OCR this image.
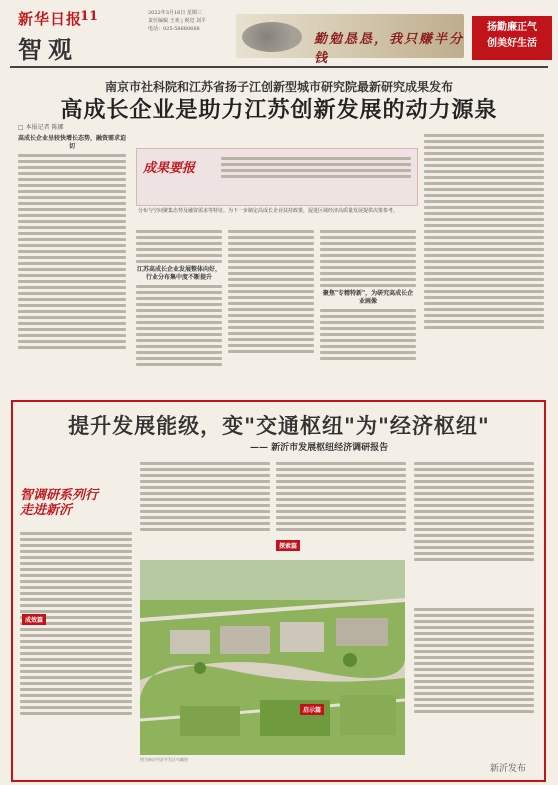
新华日报
11
智观
2022年3月16日 星期三
责任编辑 王欢 | 视觉 刘平
电话：025-58680688
勤勉恳恳，我只赚半分钱
扬勤廉正气
创美好生活
南京市社科院和江苏省扬子江创新型城市研究院最新研究成果发布
高成长企业是助力江苏创新发展的动力源泉
□ 本报记者 陈娜
高成长企业呈较快增长态势，融资需求迫切
成果要报
分布与空间聚集态势及融资需求等特征。为下一步制定高成长企业扶持政策，促进区域经济高质量发展提供决策参考。
江苏高成长企业发展整体向好，行业分布集中度不断提升
聚焦"专精特新"，为研究高成长企业画像
提升发展能级，变"交通枢纽"为"经济枢纽"
—— 新沂市发展枢纽经济调研报告
智调研系列行走进新沂
成效篇
探索篇
图为新沂经济开发区鸟瞰图
启示篇
新沂发布
